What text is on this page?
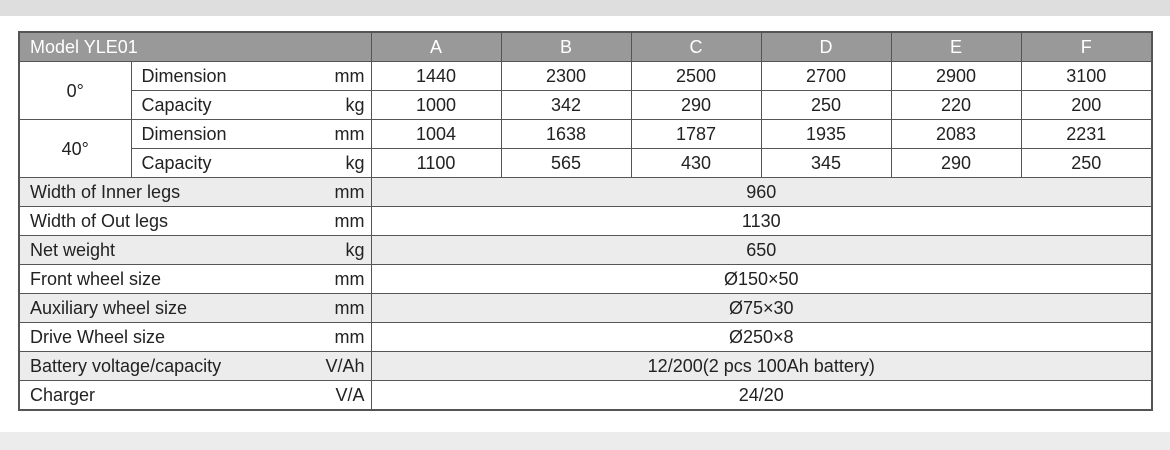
Model YLE01		A	B	C	D	E	F
0°	Dimension mm	1440	2300	2500	2700	2900	3100

	Capacity kg	1000	342	290	250	220	200
40°	Dimension mm	1004	1638	1787	1935	2083	2231

	Capacity kg	1100	565	430	345	290	250

Width of Inner legs mm		960					

Width of Out legs mm		1130					

Net weight kg		650					

Front wheel size mm		Ø150×50					

Auxiliary wheel size mm		Ø75×30					

Drive Wheel size mm		Ø250×8					

Battery voltage/capacity V/Ah		12/200(2 pcs 100Ah battery)					

Charger V/A		24/20					
